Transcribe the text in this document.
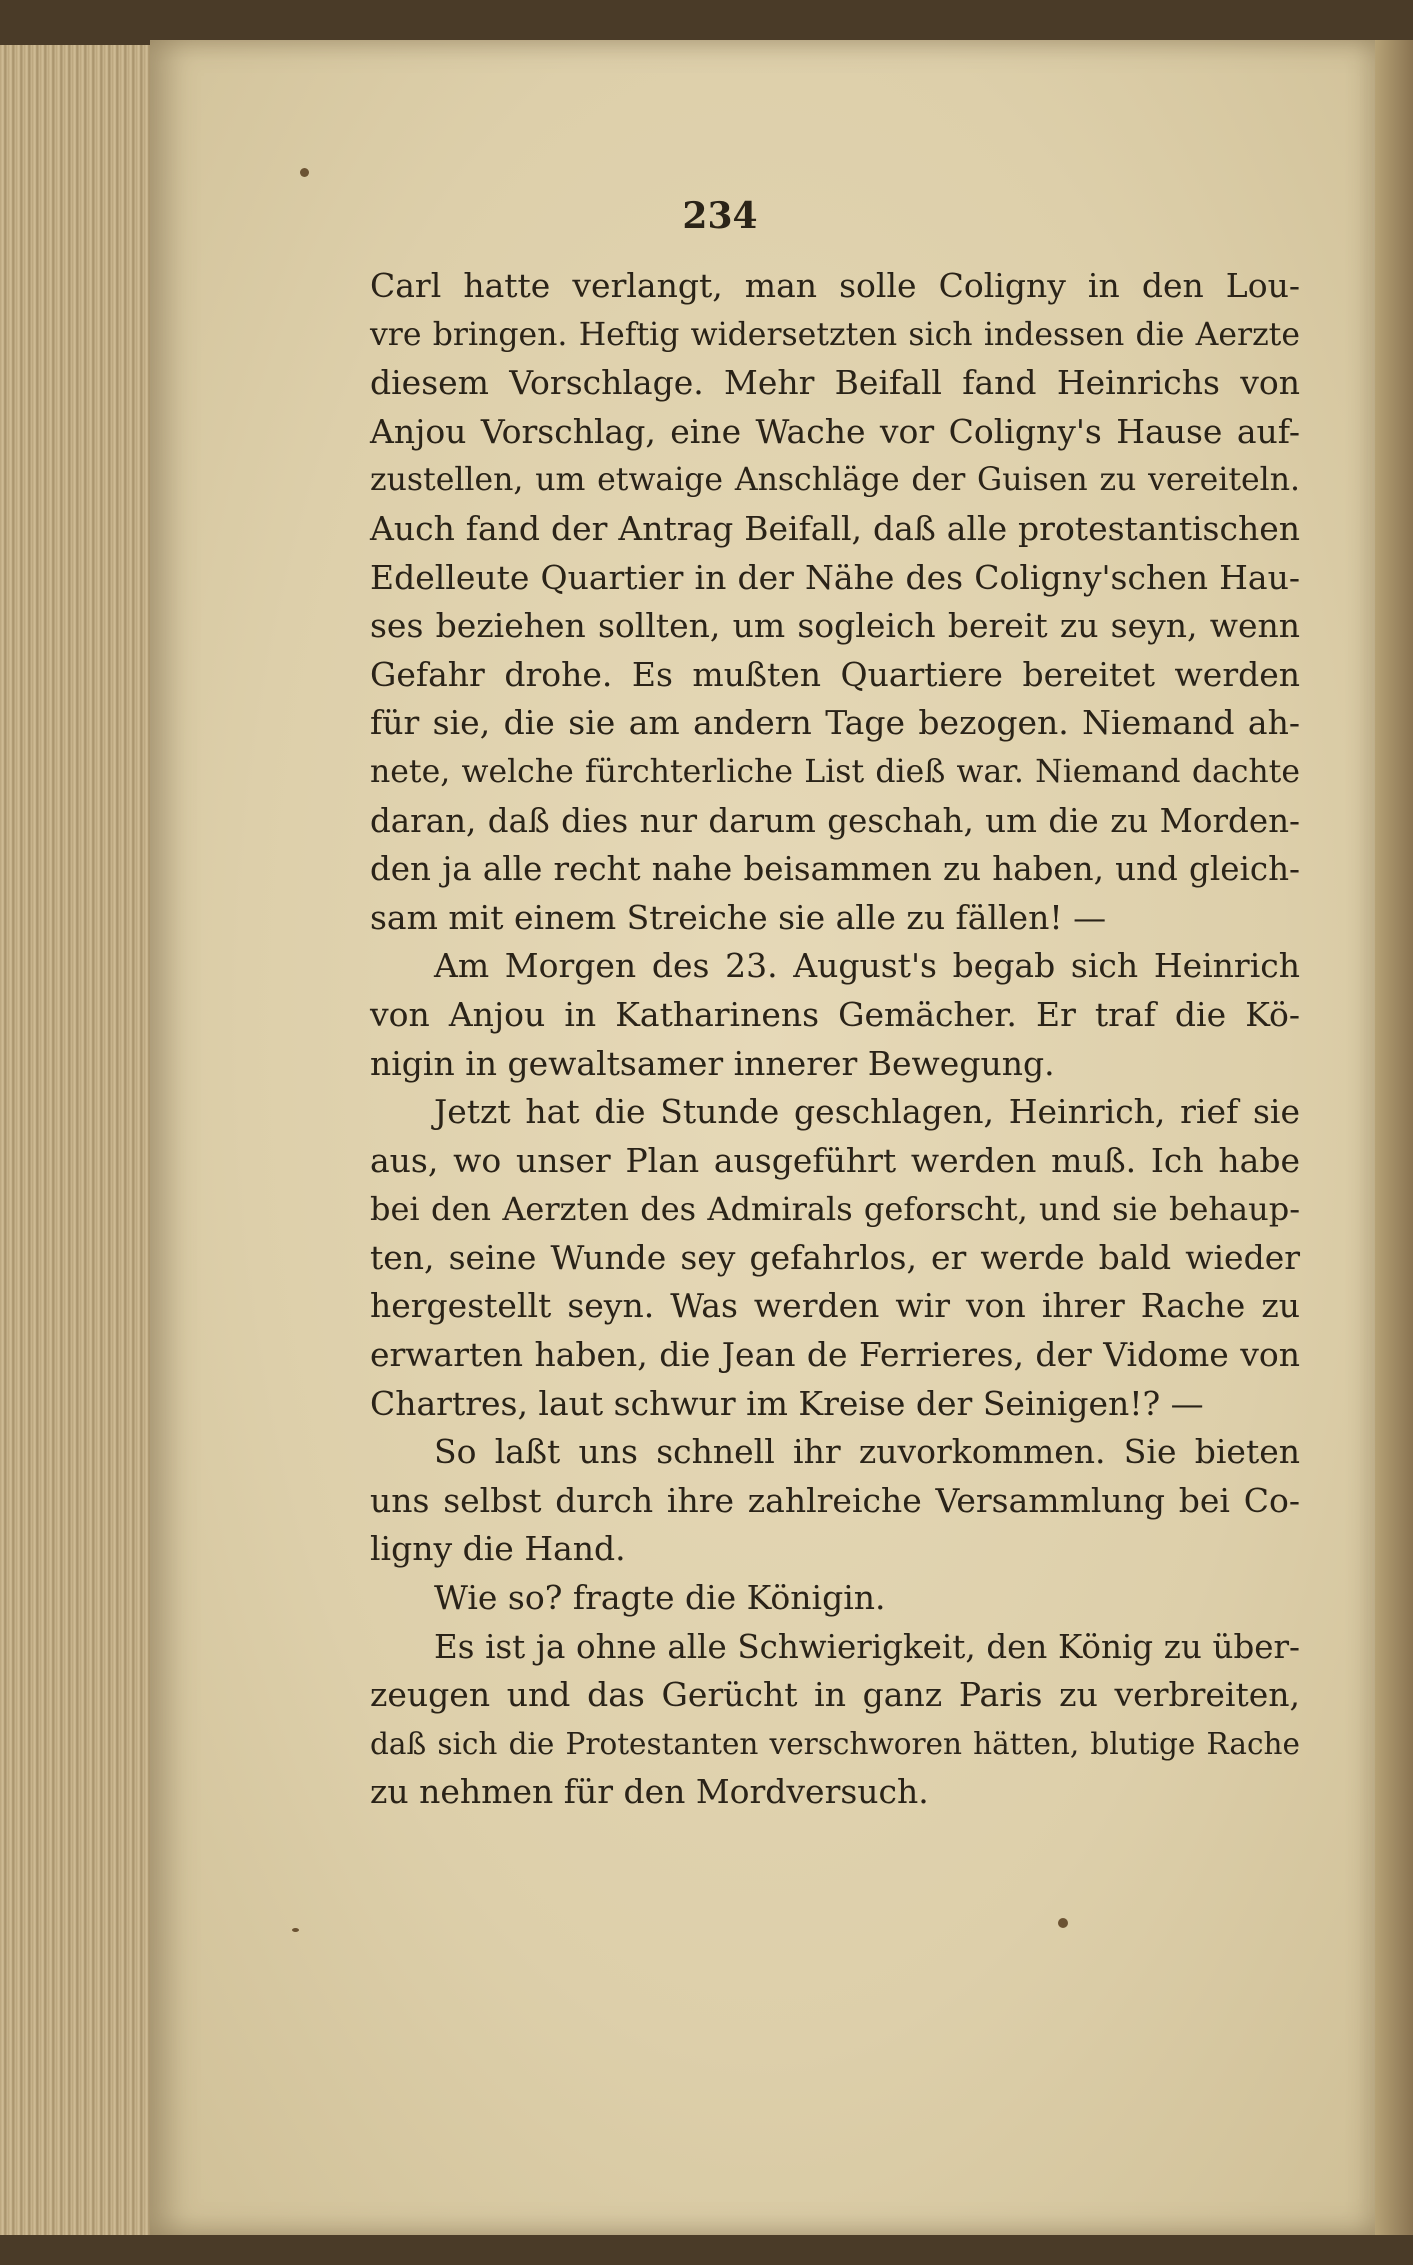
234
Carl hatte verlangt, man solle Coligny in den Lou-
vre bringen. Heftig widersetzten sich indessen die Aerzte
diesem Vorschlage. Mehr Beifall fand Heinrichs von
Anjou Vorschlag, eine Wache vor Coligny's Hause auf-
zustellen, um etwaige Anschläge der Guisen zu vereiteln.
Auch fand der Antrag Beifall, daß alle protestantischen
Edelleute Quartier in der Nähe des Coligny'schen Hau-
ses beziehen sollten, um sogleich bereit zu seyn, wenn
Gefahr drohe. Es mußten Quartiere bereitet werden
für sie, die sie am andern Tage bezogen. Niemand ah-
nete, welche fürchterliche List dieß war. Niemand dachte
daran, daß dies nur darum geschah, um die zu Morden-
den ja alle recht nahe beisammen zu haben, und gleich-
sam mit einem Streiche sie alle zu fällen! —
Am Morgen des 23. August's begab sich Heinrich
von Anjou in Katharinens Gemächer. Er traf die Kö-
nigin in gewaltsamer innerer Bewegung.
Jetzt hat die Stunde geschlagen, Heinrich, rief sie
aus, wo unser Plan ausgeführt werden muß. Ich habe
bei den Aerzten des Admirals geforscht, und sie behaup-
ten, seine Wunde sey gefahrlos, er werde bald wieder
hergestellt seyn. Was werden wir von ihrer Rache zu
erwarten haben, die Jean de Ferrieres, der Vidome von
Chartres, laut schwur im Kreise der Seinigen!? —
So laßt uns schnell ihr zuvorkommen. Sie bieten
uns selbst durch ihre zahlreiche Versammlung bei Co-
ligny die Hand.
Wie so? fragte die Königin.
Es ist ja ohne alle Schwierigkeit, den König zu über-
zeugen und das Gerücht in ganz Paris zu verbreiten,
daß sich die Protestanten verschworen hätten, blutige Rache
zu nehmen für den Mordversuch.
